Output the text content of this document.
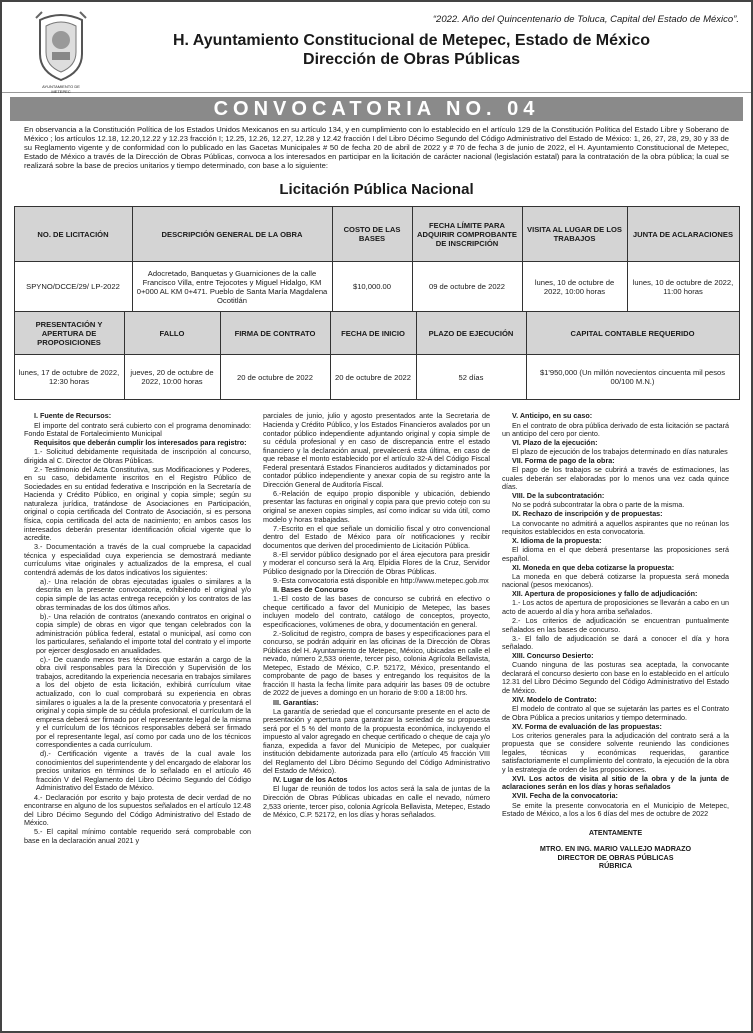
AYUNTAMIENTO DE METEPEC
“2022. Año del Quincentenario de Toluca, Capital del Estado de México”.
H. Ayuntamiento Constitucional de Metepec, Estado de México
Dirección de Obras Públicas
CONVOCATORIA NO. 04
En observancia a la Constitución Política de los Estados Unidos Mexicanos en su artículo 134, y en cumplimiento con lo establecido en el artículo 129 de la Constitución Política del Estado Libre y Soberano de México ; los artículos 12.18, 12.20,12.22 y 12.23 fracción I; 12.25, 12.26, 12.27, 12.28 y 12.42 fracción I del Libro Décimo Segundo del Código Administrativo del Estado de México: 1, 26, 27, 28, 29, 30 y 33 de su Reglamento vigente y de conformidad con lo publicado en las Gacetas Municipales # 50 de fecha 20 de abril de 2022 y # 70 de fecha 3 de junio de 2022, el H. Ayuntamiento Constitucional de Metepec, Estado de México a través de la Dirección de Obras Públicas, convoca a los interesados en participar en la licitación de carácter nacional (legislación estatal) para la contratación de la obra pública; la cual se realizará sobre la base de precios unitarios y tiempo determinado, con base a lo siguiente:
Licitación Pública Nacional
NO. DE LICITACIÓN	DESCRIPCIÓN GENERAL DE LA OBRA	COSTO DE LAS BASES	FECHA LÍMITE PARA ADQUIRIR COMPROBANTE DE INSCRIPCIÓN	VISITA AL LUGAR DE LOS TRABAJOS	JUNTA DE ACLARACIONES
SPYNO/DCCE/29/ LP-2022	Adocretado, Banquetas y Guarniciones de la calle Francisco Villa, entre Tejocotes y Miguel Hidalgo, KM 0+000 AL KM 0+471. Pueblo de Santa María Magdalena Ocotitlán	$10,000.00	09 de octubre de 2022	lunes, 10 de octubre de 2022, 10:00 horas	lunes, 10 de octubre de 2022, 11:00 horas
PRESENTACIÓN Y APERTURA DE PROPOSICIONES	FALLO	FIRMA DE CONTRATO	FECHA DE INICIO	PLAZO DE EJECUCIÓN	CAPITAL CONTABLE REQUERIDO
lunes, 17 de octubre de 2022, 12:30 horas	jueves, 20 de octubre de 2022, 10:00 horas	20 de octubre de 2022	20 de octubre de 2022	52 días	$1'950,000 (Un millón novecientos cincuenta mil pesos 00/100 M.N.)

I. Fuente de Recursos:

El importe del contrato será cubierto con el programa denominado: Fondo Estatal de Fortalecimiento Municipal

Requisitos que deberán cumplir los interesados para registro:

1.- Solicitud debidamente requisitada de inscripción al concurso, dirigida al C. Director de Obras Públicas.

2.- Testimonio del Acta Constitutiva, sus Modificaciones y Poderes, en su caso, debidamente inscritos en el Registro Público de Sociedades en su entidad federativa e Inscripción en la Secretaría de Hacienda y Crédito Público, en original y copia simple; según su naturaleza jurídica, tratándose de Asociaciones en Participación, original o copia certificada del Contrato de Asociación, si es persona física, copia certificada del acta de nacimiento; en ambos casos los interesados deberán presentar identificación oficial vigente que lo acredite.

3.- Documentación a través de la cual compruebe la capacidad técnica y especialidad cuya experiencia se demostrará mediante currículums vitae originales y actualizados de la empresa, el cual contendrá además de los datos indicativos los siguientes:

a).- Una relación de obras ejecutadas iguales o similares a la descrita en la presente convocatoria, exhibiendo el original y/o copia simple de las actas entrega recepción y los contratos de las obras terminadas de los dos últimos años.

b).- Una relación de contratos (anexando contratos en original o copia simple) de obras en vigor que tengan celebrados con la administración pública federal, estatal o municipal, así como con los particulares, señalando el importe total del contrato y el importe por ejercer desglosado en anualidades.

c).- De cuando menos tres técnicos que estarán a cargo de la obra civil responsables para la Dirección y Supervisión de los trabajos, acreditando la experiencia necesaria en trabajos similares a los del objeto de esta licitación, exhibirá currículum vitae actualizado, con lo cual comprobará su experiencia en obras similares o iguales a la de la presente convocatoria y presentará el original y copia simple de su cédula profesional. el currículum de la empresa deberá ser firmado por el representante legal de la misma y el currículum de los técnicos responsables deberá ser firmado por el representante legal, así como por cada uno de los técnicos correspondientes a cada currículum.

d).- Certificación vigente a través de la cual avale los conocimientos del superintendente y del encargado de elaborar los precios unitarios en términos de lo señalado en el artículo 46 fracción V del Reglamento del Libro Décimo Segundo del Código Administrativo del Estado de México.

4.- Declaración por escrito y bajo protesta de decir verdad de no encontrarse en alguno de los supuestos señalados en el artículo 12.48 del Libro Décimo Segundo del Código Administrativo del Estado de México.

5.- El capital mínimo contable requerido será comprobable con base en la declaración anual 2021 y

parciales de junio, julio y agosto presentados ante la Secretaria de Hacienda y Crédito Público, y los Estados Financieros avalados por un contador público independiente adjuntando original y copia simple de su cédula profesional y en caso de discrepancia entre el estado financiero y la declaración anual, prevalecerá esta última, en caso de que rebase el monto establecido por el artículo 32-A del Código Fiscal Federal presentará Estados Financieros auditados y dictaminados por contador público independiente y anexar copia de su registro ante la Dirección General de Auditoría Fiscal.

6.-Relación de equipo propio disponible y ubicación, debiendo presentar las facturas en original y copia para que previo cotejo con su original se anexen copias simples, así como indicar su vida útil, como modelo y horas trabajadas.

7.-Escrito en el que señale un domicilio fiscal y otro convencional dentro del Estado de México para oír notificaciones y recibir documentos que deriven del procedimiento de Licitación Pública.

8.-El servidor público designado por el área ejecutora para presidir y moderar el concurso será la Arq. Elpidia Flores de la Cruz, Servidor Público designado por la Dirección de Obras Públicas.

9.-Esta convocatoria está disponible en http://www.metepec.gob.mx

II. Bases de Concurso

1.-El costo de las bases de concurso se cubrirá en efectivo o cheque certificado a favor del Municipio de Metepec, las bases incluyen modelo del contrato, catálogo de conceptos, proyecto, especificaciones, volúmenes de obra, y documentación en general.

2.-Solicitud de registro, compra de bases y especificaciones para el concurso, se podrán adquirir en las oficinas de la Dirección de Obras Públicas del H. Ayuntamiento de Metepec, México, ubicadas en calle el nevado, número 2,533 oriente, tercer piso, colonia Agrícola Bellavista, Metepec, Estado de México, C.P. 52172, México, presentando el comprobante de pago de bases y entregando los requisitos de la fracción II hasta la fecha límite para adquirir las bases 09 de octubre de 2022 de jueves a domingo en un horario de 9:00 a 18:00 hrs.

III. Garantías:

La garantía de seriedad que el concursante presente en el acto de presentación y apertura para garantizar la seriedad de su propuesta será por el 5 % del monto de la propuesta económica, incluyendo el impuesto al valor agregado en cheque certificado o cheque de caja y/o fianza, expedida a favor del Municipio de Metepec, por cualquier institución debidamente autorizada para ello (artículo 45 fracción VIII del Reglamento del Libro Décimo Segundo del Código Administrativo del Estado de México).

IV. Lugar de los Actos

El lugar de reunión de todos los actos será la sala de juntas de la Dirección de Obras Públicas ubicadas en calle el nevado, número 2,533 oriente, tercer piso, colonia Agrícola Bellavista, Metepec, Estado de México, C.P. 52172, en los días y horas señalados.

V. Anticipo, en su caso:

En el contrato de obra pública derivado de esta licitación se pactará un anticipo del cero por ciento.

VI. Plazo de la ejecución:

El plazo de ejecución de los trabajos determinado en días naturales

VII. Forma de pago de la obra:

El pago de los trabajos se cubrirá a través de estimaciones, las cuales deberán ser elaboradas por lo menos una vez cada quince días.

VIII. De la subcontratación:

No se podrá subcontratar la obra o parte de la misma.

IX. Rechazo de inscripción y de propuestas:

La convocante no admitirá a aquellos aspirantes que no reúnan los requisitos establecidos en esta convocatoria.

X. Idioma de la propuesta:

El idioma en el que deberá presentarse las proposiciones será español.

XI. Moneda en que deba cotizarse la propuesta:

La moneda en que deberá cotizarse la propuesta será moneda nacional (pesos mexicanos).

XII. Apertura de proposiciones y fallo de adjudicación:

1.- Los actos de apertura de proposiciones se llevarán a cabo en un acto de acuerdo al día y hora arriba señalados.

2.- Los criterios de adjudicación se encuentran puntualmente señalados en las bases de concurso.

3.- El fallo de adjudicación se dará a conocer el día y hora señalado.

XIII. Concurso Desierto:

Cuando ninguna de las posturas sea aceptada, la convocante declarará el concurso desierto con base en lo establecido en el artículo 12.31 del Libro Décimo Segundo del Código Administrativo del Estado de México.

XIV. Modelo de Contrato:

El modelo de contrato al que se sujetarán las partes es el Contrato de Obra Pública a precios unitarios y tiempo determinado.

XV. Forma de evaluación de las propuestas:

Los criterios generales para la adjudicación del contrato será a la propuesta que se considere solvente reuniendo las condiciones legales, técnicas y económicas requeridas, garantice satisfactoriamente el cumplimiento del contrato, la ejecución de la obra y la estrategia de orden de las proposiciones.

XVI. Los actos de visita al sitio de la obra y de la junta de aclaraciones serán en los días y horas señalados

XVII. Fecha de la convocatoria:

Se emite la presente convocatoria en el Municipio de Metepec, Estado de México, a los a los 6 días del mes de octubre de 2022

ATENTAMENTE
MTRO. EN ING. MARIO VALLEJO MADRAZO
DIRECTOR DE OBRAS PÚBLICAS
RÚBRICA
